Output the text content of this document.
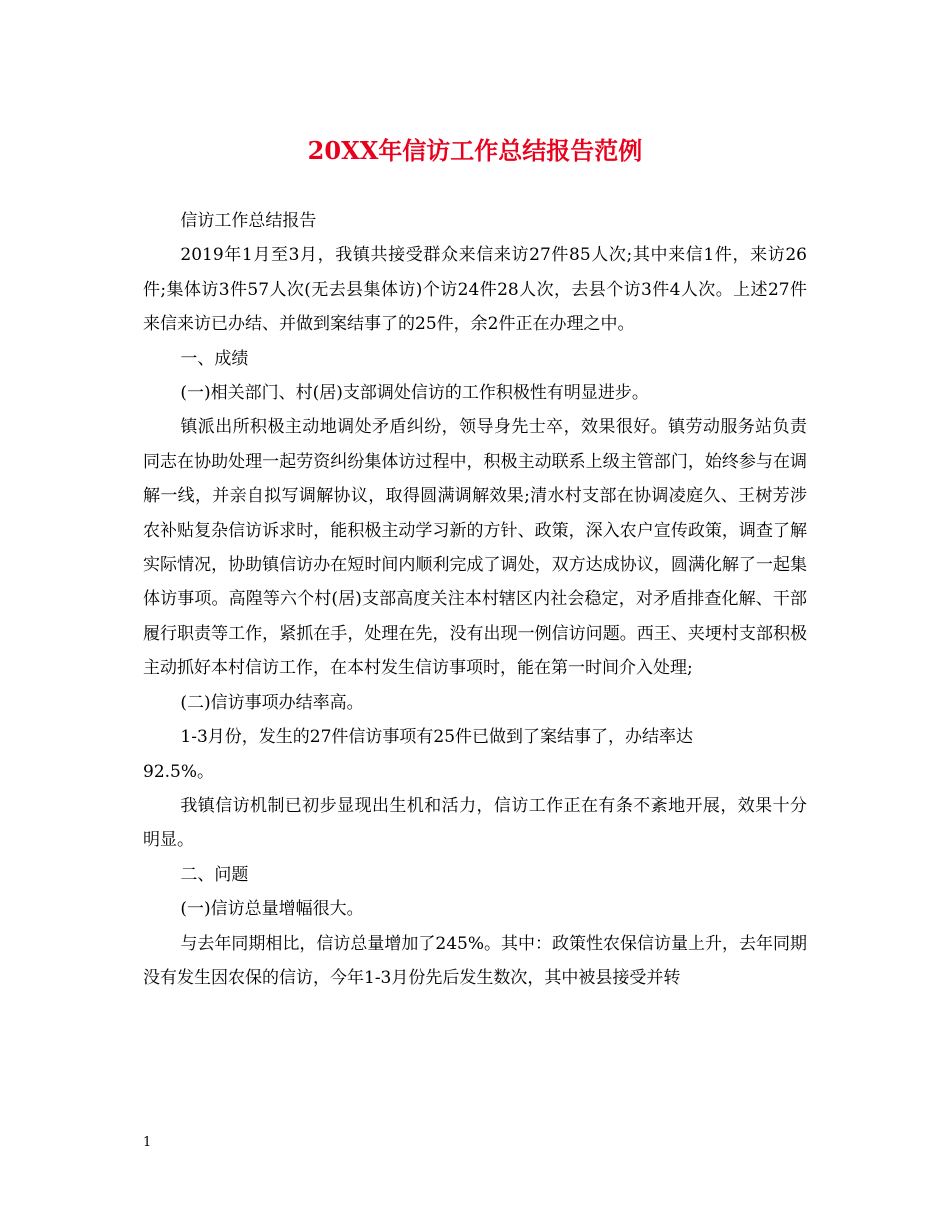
20XX年信访工作总结报告范例

信访工作总结报告

2019年1月至3月，我镇共接受群众来信来访27件85人次;其中来信1件，来访26件;集体访3件57人次(无去县集体访)个访24件28人次，去县个访3件4人次。上述27件来信来访已办结、并做到案结事了的25件，余2件正在办理之中。

一、成绩

(一)相关部门、村(居)支部调处信访的工作积极性有明显进步。

镇派出所积极主动地调处矛盾纠纷，领导身先士卒，效果很好。镇劳动服务站负责同志在协助处理一起劳资纠纷集体访过程中，积极主动联系上级主管部门，始终参与在调解一线，并亲自拟写调解协议，取得圆满调解效果;清水村支部在协调凌庭久、王树芳涉农补贴复杂信访诉求时，能积极主动学习新的方针、政策，深入农户宣传政策，调查了解实际情况，协助镇信访办在短时间内顺利完成了调处，双方达成协议，圆满化解了一起集体访事项。高隍等六个村(居)支部高度关注本村辖区内社会稳定，对矛盾排查化解、干部履行职责等工作，紧抓在手，处理在先，没有出现一例信访问题。西王、夹埂村支部积极主动抓好本村信访工作，在本村发生信访事项时，能在第一时间介入处理;

(二)信访事项办结率高。

1-3月份，发生的27件信访事项有25件已做到了案结事了，办结率达

92.5%。

我镇信访机制已初步显现出生机和活力，信访工作正在有条不紊地开展，效果十分明显。

二、问题

(一)信访总量增幅很大。

与去年同期相比，信访总量增加了245%。其中：政策性农保信访量上升，去年同期没有发生因农保的信访，今年1-3月份先后发生数次，其中被县接受并转

1
